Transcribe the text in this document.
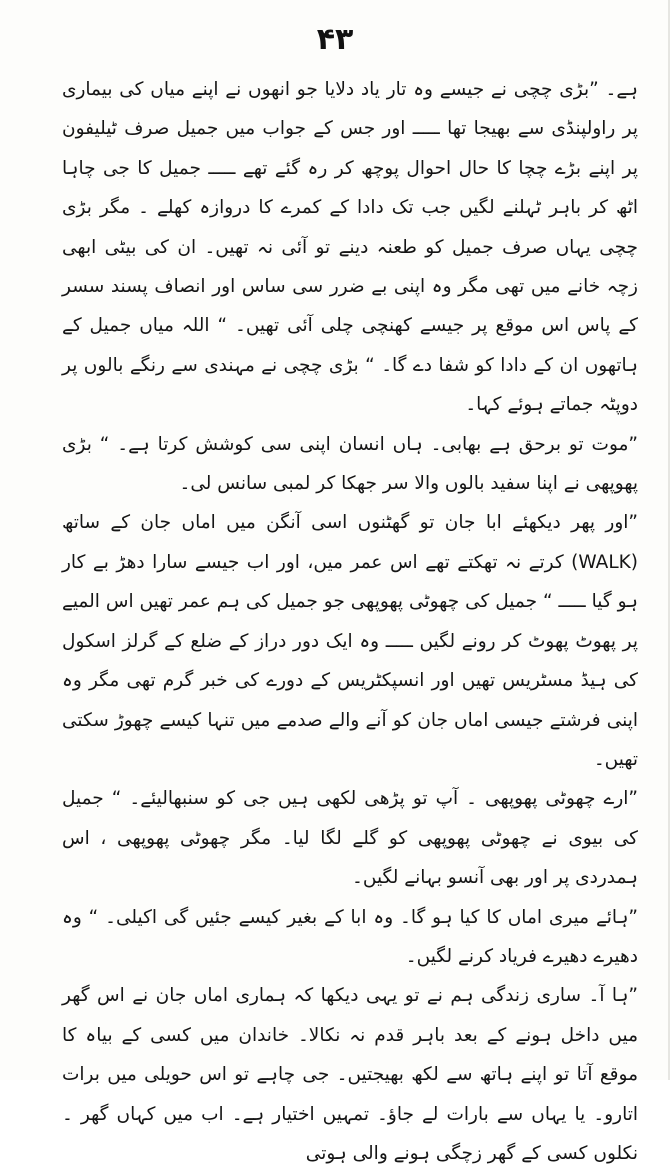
۴۳

ہے۔ ”بڑی چچی نے جیسے وہ تار یاد دلایا جو انھوں نے اپنے میاں کی بیماری پر راولپنڈی سے بھیجا تھا ـــــ اور جس کے جواب میں جمیل صرف ٹیلیفون پر اپنے بڑے چچا کا حال احوال پوچھ کر رہ گئے تھے ـــــ جمیل کا جی چاہا اٹھ کر باہر ٹہلنے لگیں جب تک دادا کے کمرے کا دروازہ کھلے ۔ مگر بڑی چچی یہاں صرف جمیل کو طعنہ دینے تو آئی نہ تھیں۔ ان کی بیٹی ابھی زچہ خانے میں تھی مگر وہ اپنی بے ضرر سی ساس اور انصاف پسند سسر کے پاس اس موقع پر جیسے کھنچی چلی آئی تھیں۔ “ اللہ میاں جمیل کے ہاتھوں ان کے دادا کو شفا دے گا۔ “ بڑی چچی نے مہندی سے رنگے بالوں پر دوپٹہ جماتے ہوئے کہا۔

”موت تو برحق ہے بھابی۔ ہاں انسان اپنی سی کوشش کرتا ہے۔ “ بڑی پھوپھی نے اپنا سفید بالوں والا سر جھکا کر لمبی سانس لی۔

”اور پھر دیکھئے ابا جان تو گھٹنوں اسی آنگن میں اماں جان کے ساتھ (WALK) کرتے نہ تھکتے تھے اس عمر میں، اور اب جیسے سارا دھڑ بے کار ہو گیا ـــــ “ جمیل کی چھوٹی پھوپھی جو جمیل کی ہم عمر تھیں اس المیے پر پھوٹ پھوٹ کر رونے لگیں ـــــ وہ ایک دور دراز کے ضلع کے گرلز اسکول کی ہیڈ مسٹریس تھیں اور انسپکٹریس کے دورے کی خبر گرم تھی مگر وہ اپنی فرشتے جیسی اماں جان کو آنے والے صدمے میں تنہا کیسے چھوڑ سکتی تھیں۔

”ارے چھوٹی پھوپھی ۔ آپ تو پڑھی لکھی ہیں جی کو سنبھالیئے۔ “ جمیل کی بیوی نے چھوٹی پھوپھی کو گلے لگا لیا۔ مگر چھوٹی پھوپھی ، اس ہمدردی پر اور بھی آنسو بہانے لگیں۔

”ہائے میری اماں کا کیا ہو گا۔ وہ ابا کے بغیر کیسے جئیں گی اکیلی۔ “ وہ دھیرے دھیرے فریاد کرنے لگیں۔

”ہا آ۔ ساری زندگی ہم نے تو یہی دیکھا کہ ہماری اماں جان نے اس گھر میں داخل ہونے کے بعد باہر قدم نہ نکالا۔ خاندان میں کسی کے بیاہ کا موقع آتا تو اپنے ہاتھ سے لکھ بھیجتیں۔ جی چاہے تو اس حویلی میں برات اتارو۔ یا یہاں سے بارات لے جاؤ۔ تمہیں اختیار ہے۔ اب میں کہاں گھر ۔ نکلوں کسی کے گھر زچگی ہونے والی ہوتی
